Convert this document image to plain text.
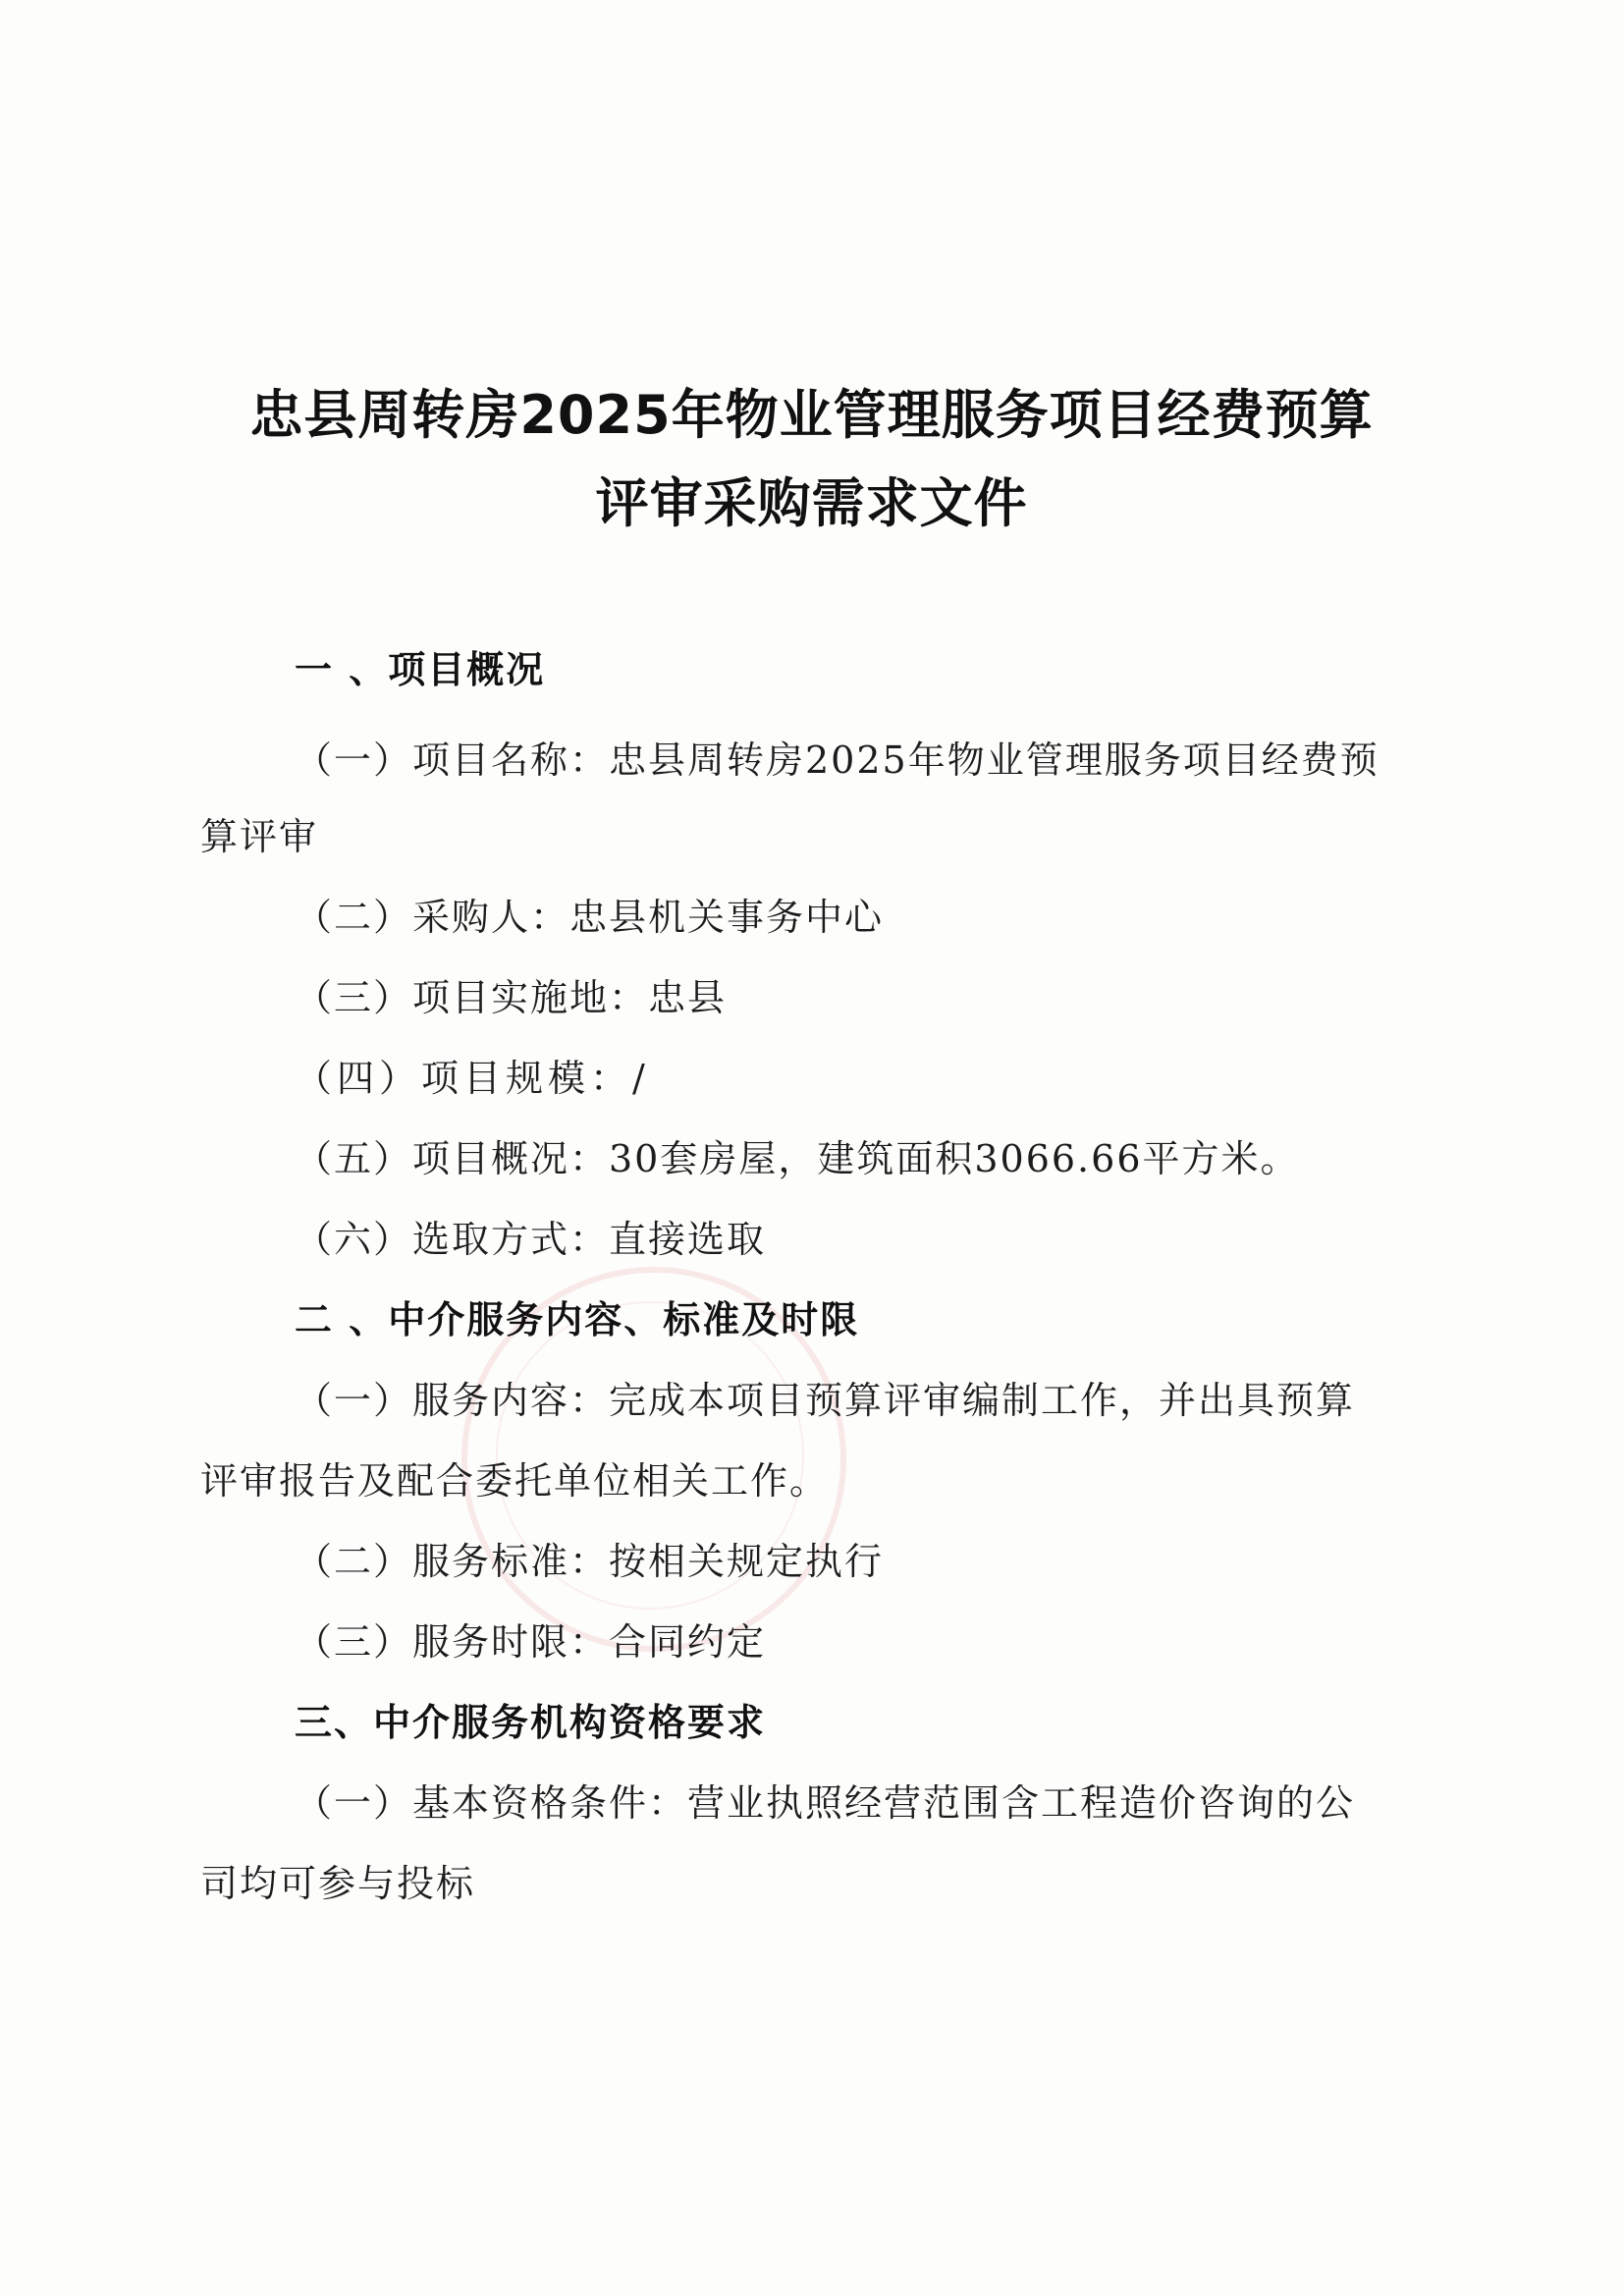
忠县周转房2025年物业管理服务项目经费预算
评审采购需求文件
一 、项目概况
（一）项目名称：忠县周转房2025年物业管理服务项目经费预
算评审
（二）采购人：忠县机关事务中心
（三）项目实施地：忠县
（四）项目规模：/
（五）项目概况：30套房屋，建筑面积3066.66平方米。
（六）选取方式：直接选取
二 、中介服务内容、标准及时限
（一）服务内容：完成本项目预算评审编制工作，并出具预算
评审报告及配合委托单位相关工作。
（二）服务标准：按相关规定执行
（三）服务时限：合同约定
三、中介服务机构资格要求
（一）基本资格条件：营业执照经营范围含工程造价咨询的公
司均可参与投标
